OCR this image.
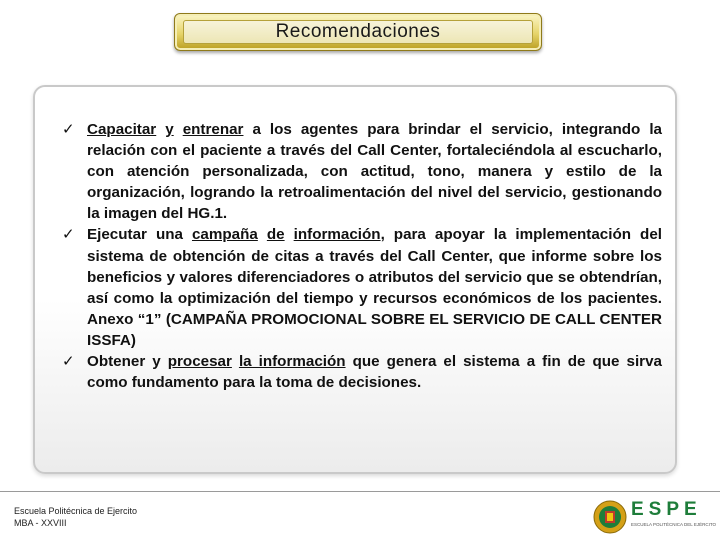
Recomendaciones
✓ Capacitar y entrenar a los agentes para brindar el servicio, integrando la relación con el paciente a través del Call Center, fortaleciéndola al escucharlo, con atención personalizada, con actitud, tono, manera y estilo de la organización, logrando la retroalimentación del nivel del servicio, gestionando la imagen del HG.1.
✓ Ejecutar una campaña de información, para apoyar la implementación del sistema de obtención de citas a través del Call Center, que informe sobre los beneficios y valores diferenciadores o atributos del servicio que se obtendrían, así como la optimización del tiempo y recursos económicos de los pacientes. Anexo “1” (CAMPAÑA PROMOCIONAL SOBRE EL SERVICIO DE CALL CENTER ISSFA)
✓ Obtener y procesar la información que genera el sistema a fin de que sirva como fundamento para la toma de decisiones.
Escuela Politécnica de Ejercito
MBA - XXVIII
ESPE
ESCUELA POLITÉCNICA DEL EJÉRCITO
